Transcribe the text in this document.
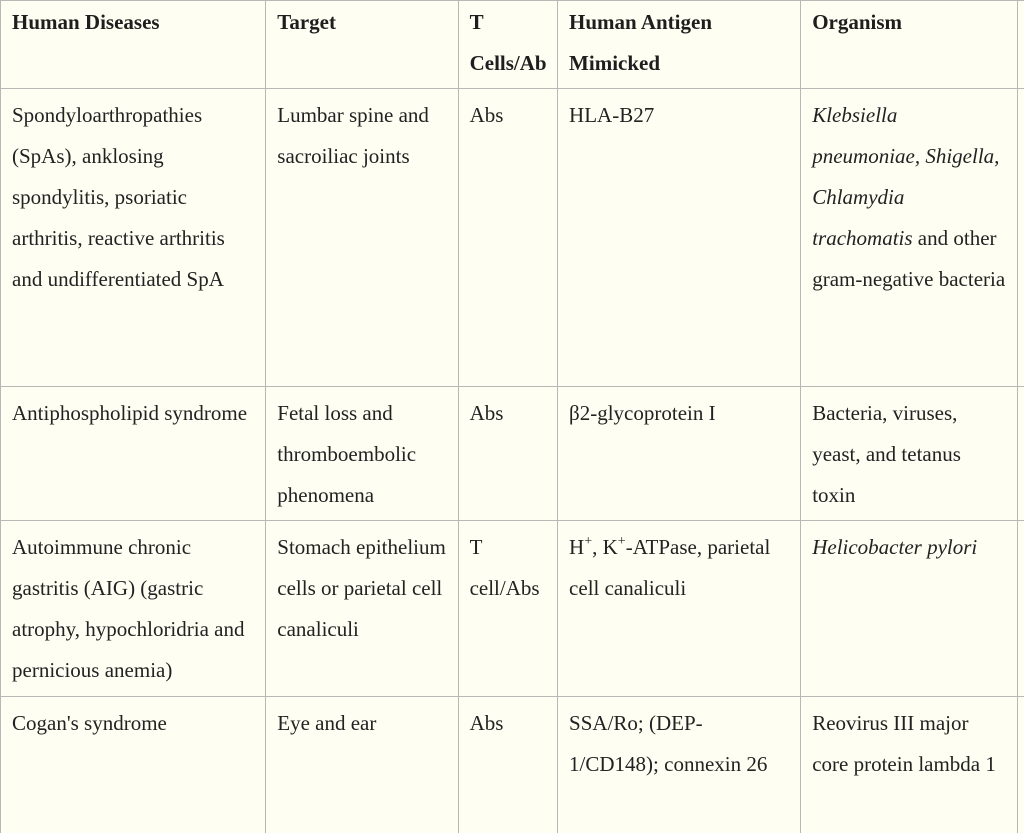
Human Diseases	Target	T Cells/Ab	Human Antigen Mimicked	Organism	
Spondyloarthropathies (SpAs), anklosing spondylitis, psoriatic arthritis, reactive arthritis and undifferentiated SpA	Lumbar spine and sacroiliac joints	Abs	HLA-B27	Klebsiella pneumoniae, Shigella, Chlamydia trachomatis and other gram-negative bacteria	
Antiphospholipid syndrome	Fetal loss and thromboembolic phenomena	Abs	β2-glycoprotein I	Bacteria, viruses, yeast, and tetanus toxin	
Autoimmune chronic gastritis (AIG) (gastric atrophy, hypochloridria and pernicious anemia)	Stomach epithelium cells or parietal cell canaliculi	T cell/Abs	H+, K+-ATPase, parietal cell canaliculi	Helicobacter pylori	
Cogan's syndrome	Eye and ear	Abs	SSA/Ro; (DEP-1/CD148); connexin 26	Reovirus III major core protein lambda 1	
